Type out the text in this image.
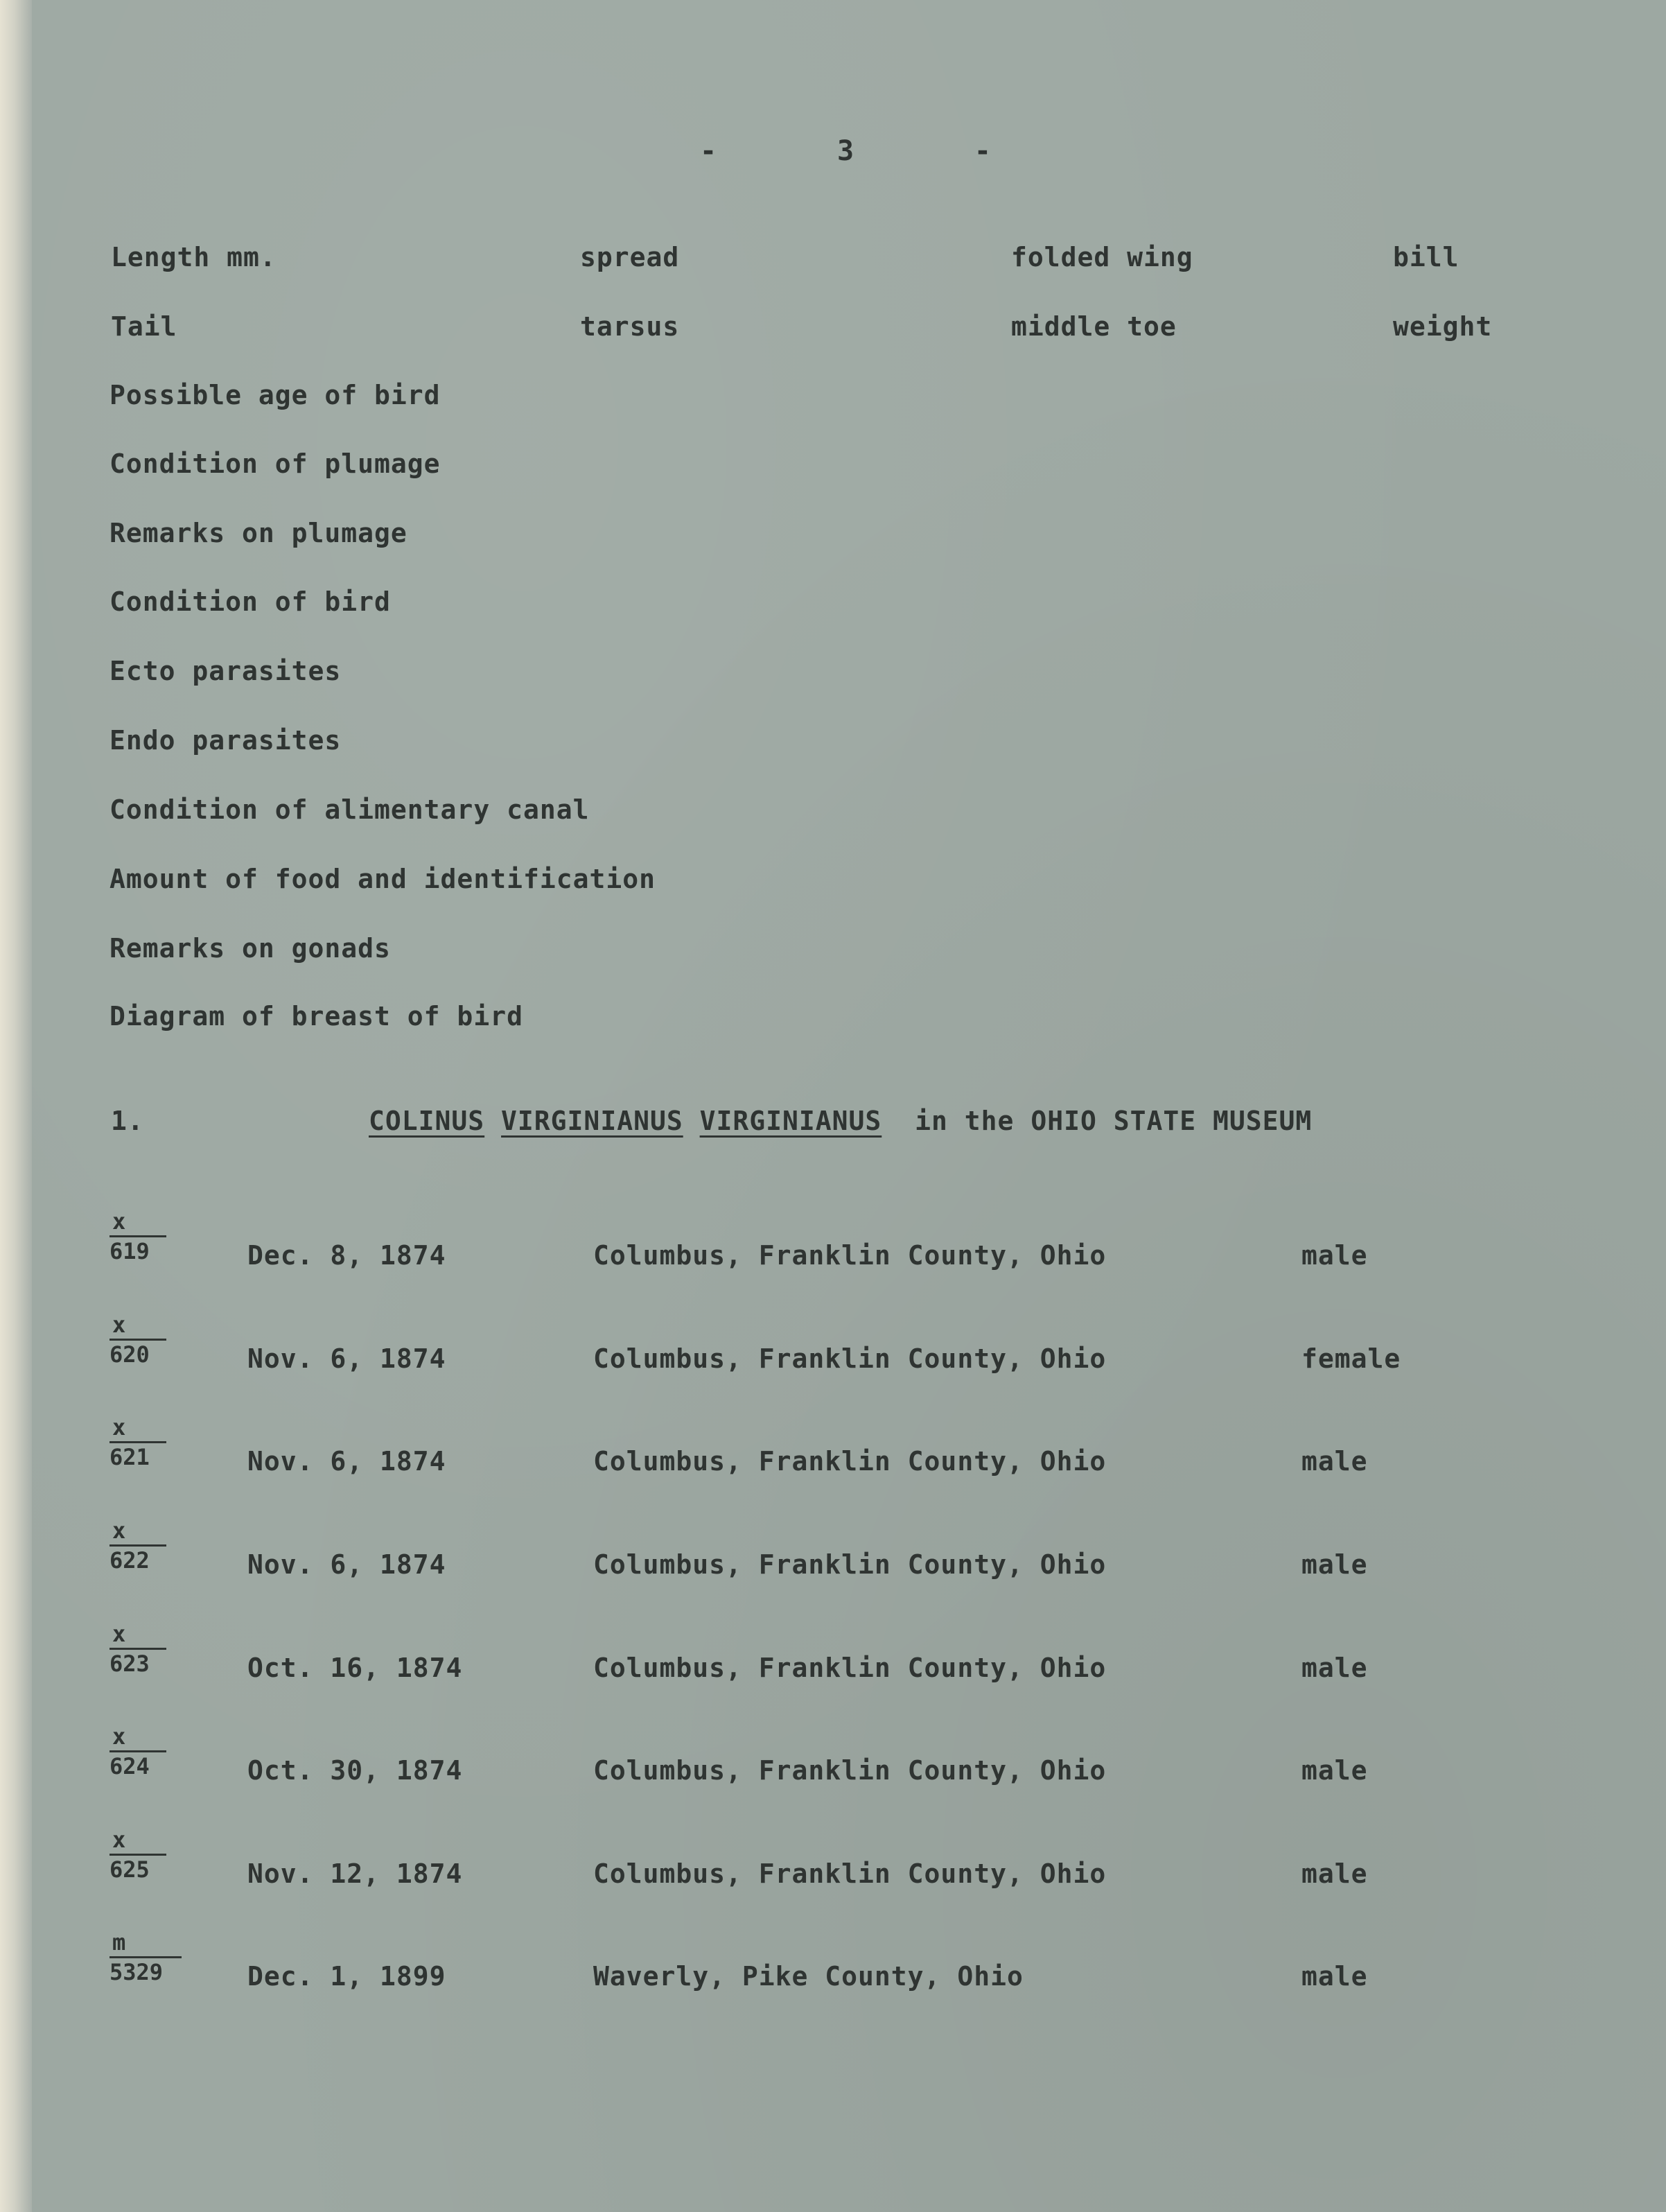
-	3	-
Length mm.	spread	folded wing	bill
Tail	tarsus	middle toe	weight
Possible age of bird
Condition of plumage
Remarks on plumage
Condition of bird
Ecto parasites
Endo parasites
Condition of alimentary canal
Amount of food and identification
Remarks on gonads
Diagram of breast of bird
1.	COLINUS VIRGINIANUS VIRGINIANUS in the OHIO STATE MUSEUM
x
619	Dec. 8, 1874	Columbus, Franklin County, Ohio	male
x
620	Nov. 6, 1874	Columbus, Franklin County, Ohio	female
x
621	Nov. 6, 1874	Columbus, Franklin County, Ohio	male
x
622	Nov. 6, 1874	Columbus, Franklin County, Ohio	male
x
623	Oct. 16, 1874	Columbus, Franklin County, Ohio	male
x
624	Oct. 30, 1874	Columbus, Franklin County, Ohio	male
x
625	Nov. 12, 1874	Columbus, Franklin County, Ohio	male
m
5329	Dec. 1, 1899	Waverly, Pike County, Ohio	male
